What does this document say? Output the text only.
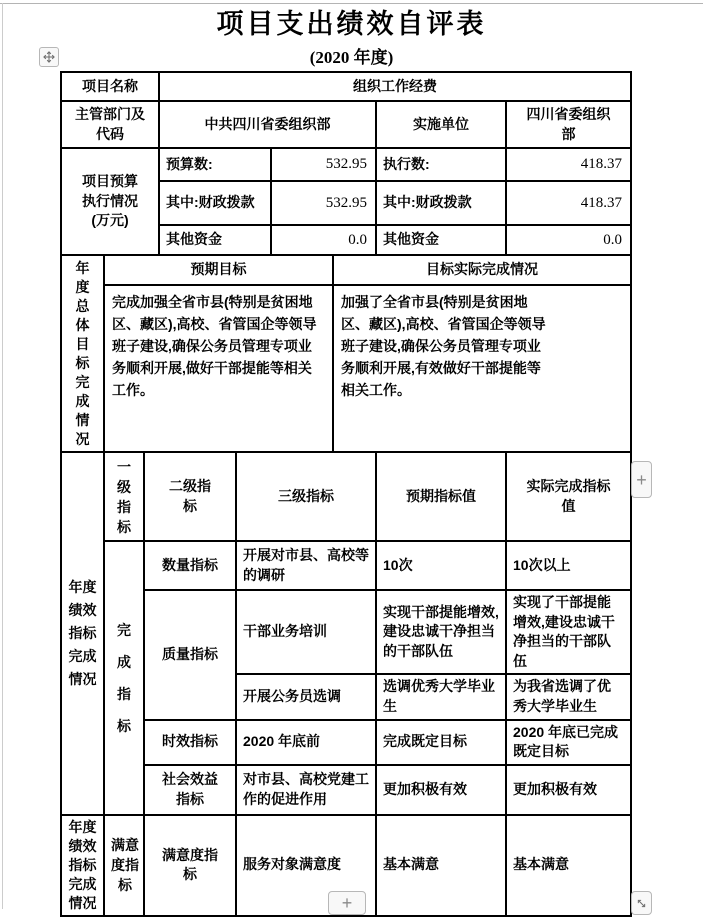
项目支出绩效自评表
(2020 年度)
项目名称			组织工作经费					
主管部门及代码			中共四川省委组织部				实施单位	四川省委组织部
项目预算执行情况(万元)			预算数:		532.95		执行数:	418.37
			其中:财政拨款		532.95		其中:财政拨款	418.37
			其他资金		0.0		其他资金	0.0
年度总体目标完成情况	预期目标					目标实际完成情况		
	完成加强全省市县(特别是贫困地区、藏区),高校、省管国企等领导班子建设,确保公务员管理专项业务顺利开展,做好干部提能等相关工作。					加强了全省市县(特别是贫困地区、藏区),高校、省管国企等领导班子建设,确保公务员管理专项业务顺利开展,有效做好干部提能等相关工作。		
年度绩效指标完成情况	一级指标	二级指标		三级指标			预期指标值	实际完成指标值
	完成指标	数量指标		开展对市县、高校等的调研			10次	10次以上
		质量指标		干部业务培训			实现干部提能增效,建设忠诚干净担当的干部队伍	实现了干部提能增效,建设忠诚干净担当的干部队伍
				开展公务员选调			选调优秀大学毕业生	为我省选调了优秀大学毕业生
		时效指标		2020 年底前			完成既定目标	2020 年底已完成既定目标
		社会效益指标		对市县、高校党建工作的促进作用			更加积极有效	更加积极有效
年度绩效指标完成情况	满意度指标	满意度指标		服务对象满意度			基本满意	基本满意
+
+
